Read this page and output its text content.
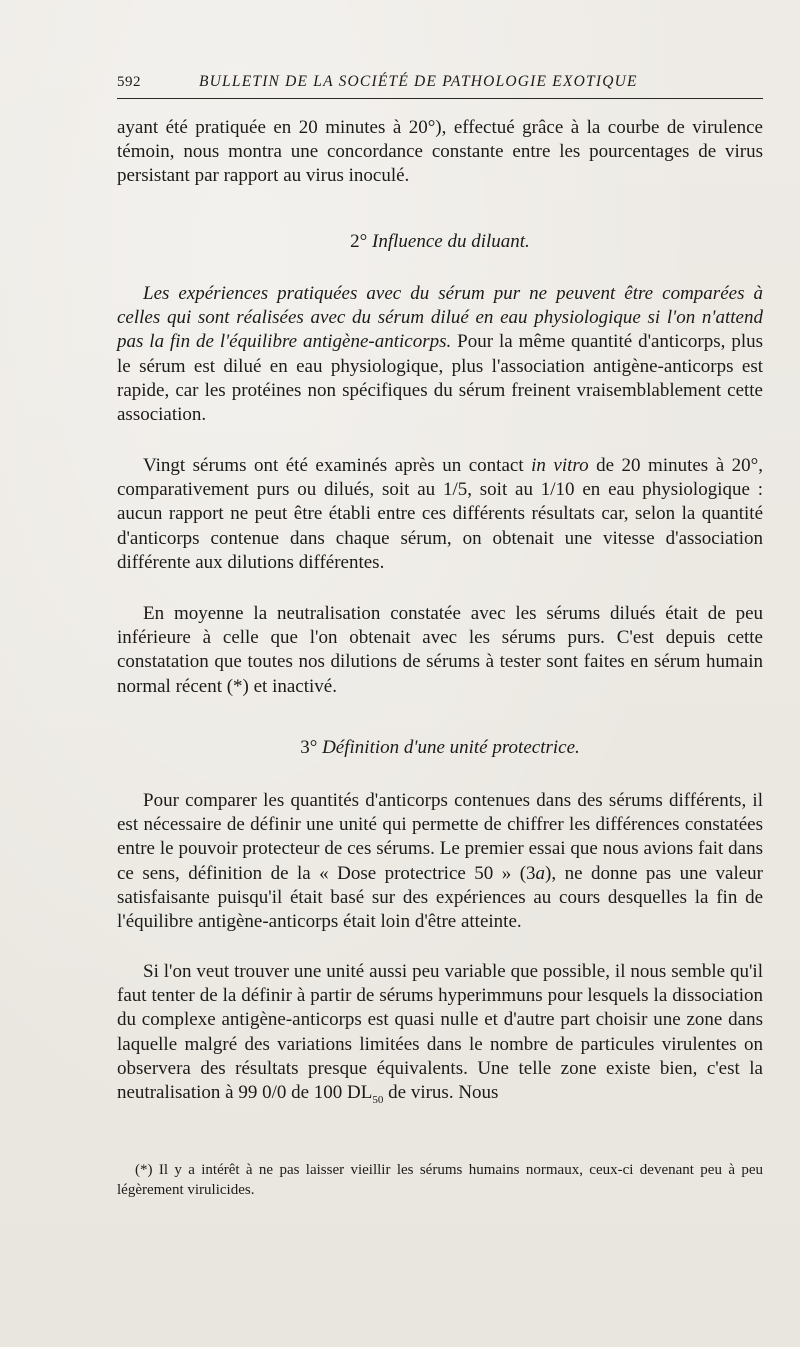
592	BULLETIN DE LA SOCIÉTÉ DE PATHOLOGIE EXOTIQUE

ayant été pratiquée en 20 minutes à 20°), effectué grâce à la courbe de virulence témoin, nous montra une concordance constante entre les pourcentages de virus persistant par rapport au virus inoculé.

2° Influence du diluant.

Les expériences pratiquées avec du sérum pur ne peuvent être comparées à celles qui sont réalisées avec du sérum dilué en eau physiologique si l'on n'attend pas la fin de l'équilibre antigène-anticorps. Pour la même quantité d'anticorps, plus le sérum est dilué en eau physiologique, plus l'association antigène-anticorps est rapide, car les protéines non spécifiques du sérum freinent vraisemblablement cette association.

Vingt sérums ont été examinés après un contact in vitro de 20 minutes à 20°, comparativement purs ou dilués, soit au 1/5, soit au 1/10 en eau physiologique : aucun rapport ne peut être établi entre ces différents résultats car, selon la quantité d'anticorps contenue dans chaque sérum, on obtenait une vitesse d'association différente aux dilutions différentes.

En moyenne la neutralisation constatée avec les sérums dilués était de peu inférieure à celle que l'on obtenait avec les sérums purs. C'est depuis cette constatation que toutes nos dilutions de sérums à tester sont faites en sérum humain normal récent (*) et inactivé.

3° Définition d'une unité protectrice.

Pour comparer les quantités d'anticorps contenues dans des sérums différents, il est nécessaire de définir une unité qui permette de chiffrer les différences constatées entre le pouvoir protecteur de ces sérums. Le premier essai que nous avions fait dans ce sens, définition de la « Dose protectrice 50 » (3a), ne donne pas une valeur satisfaisante puisqu'il était basé sur des expériences au cours desquelles la fin de l'équilibre antigène-anticorps était loin d'être atteinte.

Si l'on veut trouver une unité aussi peu variable que possible, il nous semble qu'il faut tenter de la définir à partir de sérums hyperimmuns pour lesquels la dissociation du complexe antigène-anticorps est quasi nulle et d'autre part choisir une zone dans laquelle malgré des variations limitées dans le nombre de particules virulentes on observera des résultats presque équivalents. Une telle zone existe bien, c'est la neutralisation à 99 0/0 de 100 $DL_{50}$ de virus. Nous

(*) Il y a intérêt à ne pas laisser vieillir les sérums humains normaux, ceux-ci devenant peu à peu légèrement virulicides.
